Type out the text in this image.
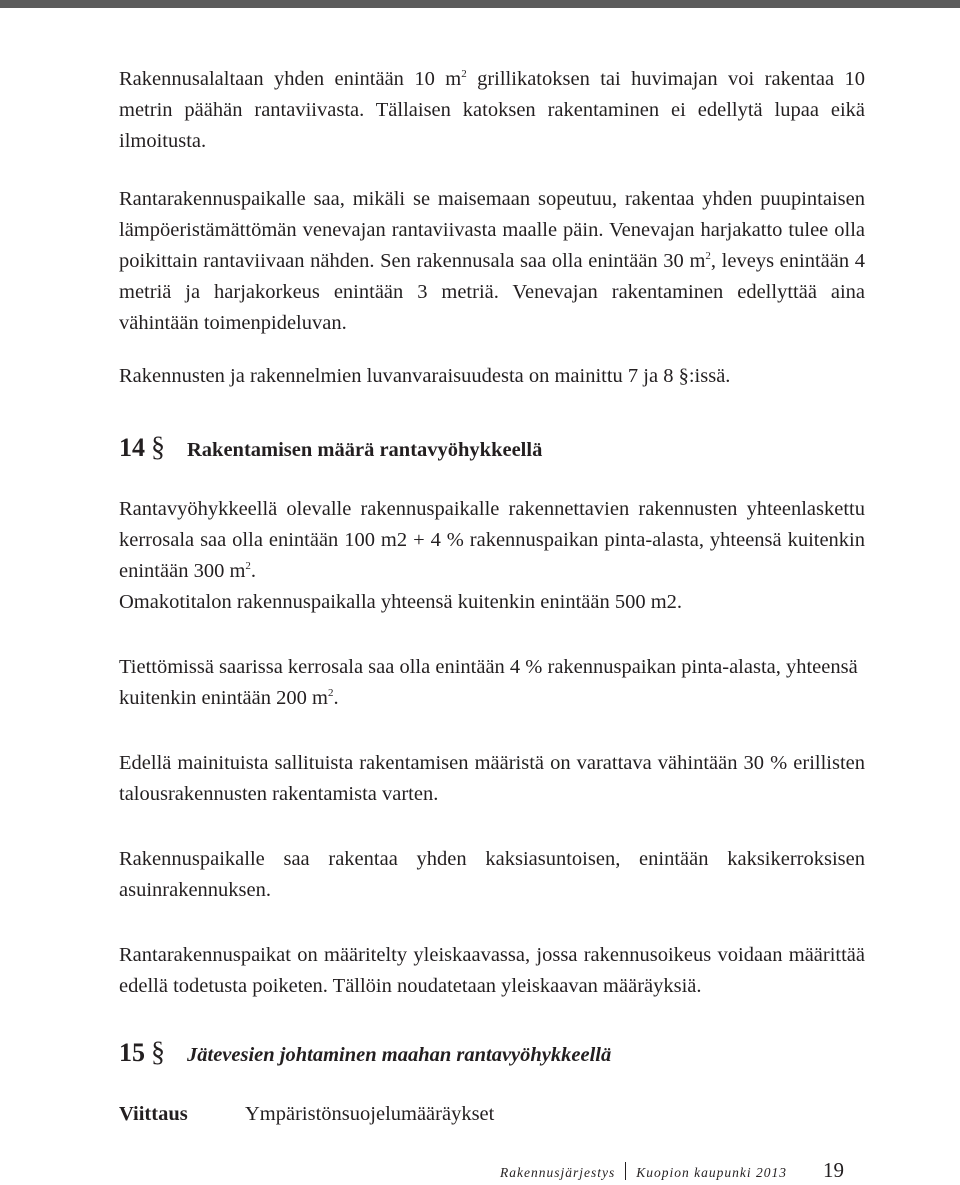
Rakennusalaltaan yhden enintään 10 $m^2$ grillikatoksen tai huvimajan voi rakentaa 10 metrin päähän rantaviivasta. Tällaisen katoksen rakentaminen ei edellytä lupaa eikä ilmoitusta.

Rantarakennuspaikalle saa, mikäli se maisemaan sopeutuu, rakentaa yhden puupintaisen lämpöeristämättömän venevajan rantaviivasta maalle päin. Venevajan harjakatto tulee olla poikittain rantaviivaan nähden. Sen rakennusala saa olla enintään 30 $m^2$, leveys enintään 4 metriä ja harjakorkeus enintään 3 metriä. Venevajan rakentaminen edellyttää aina vähintään toimenpideluvan.

Rakennusten ja rakennelmien luvanvaraisuudesta on mainittu 7 ja 8 §:issä.

14 § Rakentamisen määrä rantavyöhykkeellä

Rantavyöhykkeellä olevalle rakennuspaikalle rakennettavien rakennusten yhteenlaskettu kerrosala saa olla enintään 100 m2 + 4 % rakennuspaikan pinta-alasta, yhteensä kuitenkin enintään 300 $m^2$.

Omakotitalon rakennuspaikalla yhteensä kuitenkin enintään 500 m2.

Tiettömissä saarissa kerrosala saa olla enintään 4 % rakennuspaikan pinta-alasta, yhteensä kuitenkin enintään 200 $m^2$.

Edellä mainituista sallituista rakentamisen määristä on varattava vähintään 30 % erillisten talousrakennusten rakentamista varten.

Rakennuspaikalle saa rakentaa yhden kaksiasuntoisen, enintään kaksikerroksisen asuinrakennuksen.

Rantarakennuspaikat on määritelty yleiskaavassa, jossa rakennusoikeus voidaan määrittää edellä todetusta poiketen. Tällöin noudatetaan yleiskaavan määräyksiä.

15 § Jätevesien johtaminen maahan rantavyöhykkeellä
Viittaus	Ympäristönsuojelumääräykset
Rakennusjärjestys Kuopion kaupunki 2013 19
